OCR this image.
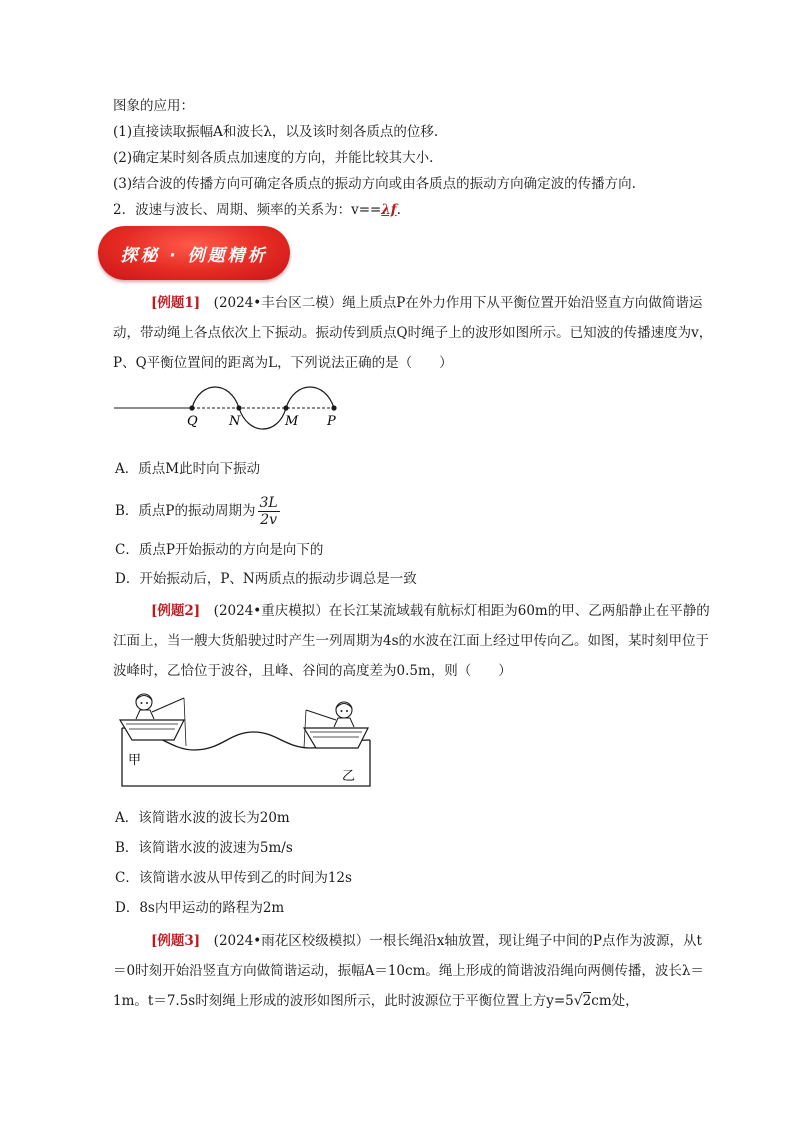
图象的应用：
(1)直接读取振幅A和波长λ，以及该时刻各质点的位移.
(2)确定某时刻各质点加速度的方向，并能比较其大小.
(3)结合波的传播方向可确定各质点的振动方向或由各质点的振动方向确定波的传播方向.
2．波速与波长、周期、频率的关系为：v==λf.
探秘 · 例题精析
[例题1]　(2024•丰台区二模）绳上质点P在外力作用下从平衡位置开始沿竖直方向做简谐运动，带动绳上各点依次上下振动。振动传到质点Q时绳子上的波形如图所示。已知波的传播速度为v，P、Q平衡位置间的距离为L，下列说法正确的是（　　）
Q N	M P
A．质点M此时向下振动
B．质点P的振动周期为 $\frac{3L}{2v}$
C．质点P开始振动的方向是向下的
D．开始振动后，P、N两质点的振动步调总是一致
[例题2]　(2024•重庆模拟）在长江某流域载有航标灯相距为60m的甲、乙两船静止在平静的江面上，当一艘大货船驶过时产生一列周期为4s的水波在江面上经过甲传向乙。如图，某时刻甲位于波峰时，乙恰位于波谷，且峰、谷间的高度差为0.5m，则（　　）
甲
乙
A．该简谐水波的波长为20m
B．该简谐水波的波速为5m/s
C．该简谐水波从甲传到乙的时间为12s
D．8s内甲运动的路程为2m
[例题3]　(2024•雨花区校级模拟）一根长绳沿x轴放置，现让绳子中间的P点作为波源，从t＝0时刻开始沿竖直方向做简谐运动，振幅A＝10cm。绳上形成的简谐波沿绳向两侧传播，波长λ＝1m。t＝7.5s时刻绳上形成的波形如图所示，此时波源位于平衡位置上方y=5√2cm处，
